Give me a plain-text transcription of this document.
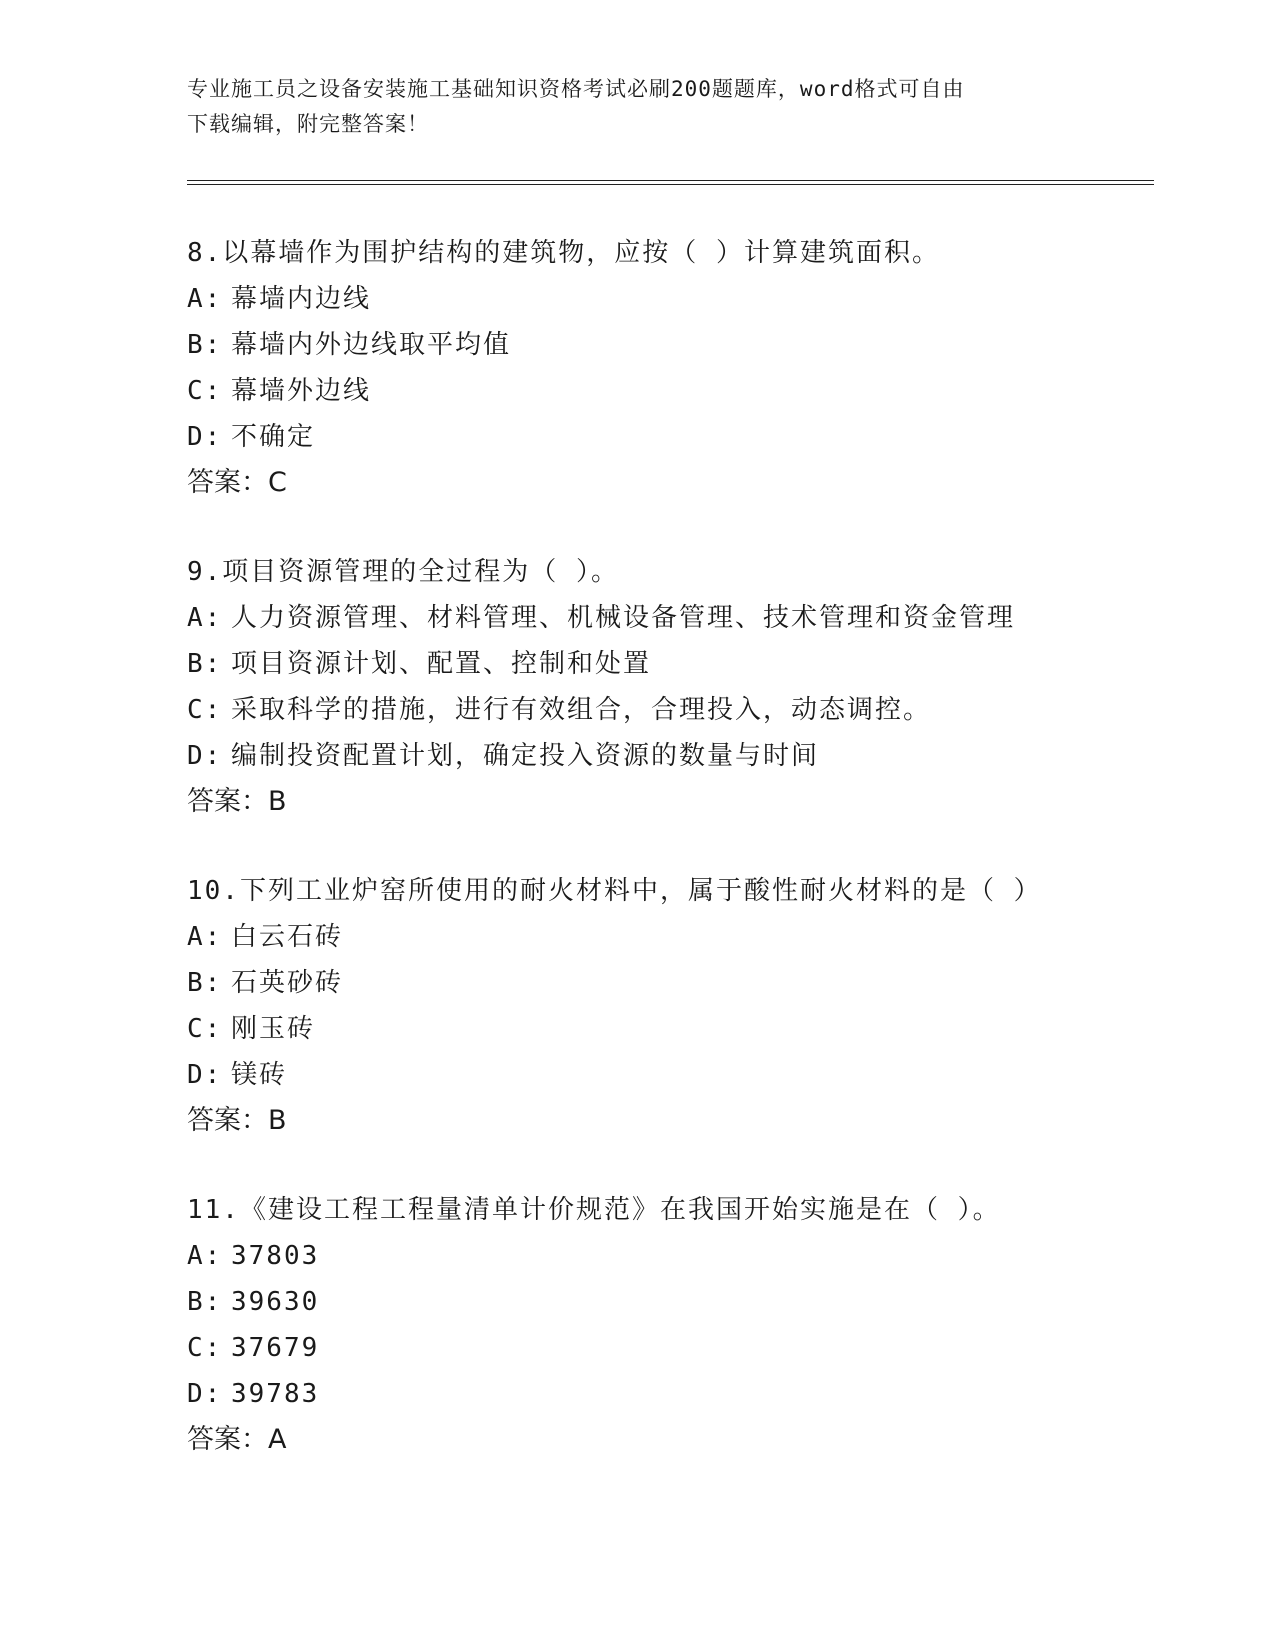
专业施工员之设备安装施工基础知识资格考试必刷200题题库，word格式可自由
下载编辑，附完整答案！
8.以幕墙作为围护结构的建筑物，应按（ ）计算建筑面积。
A: 幕墙内边线
B: 幕墙内外边线取平均值
C: 幕墙外边线
D: 不确定
答案：C
9.项目资源管理的全过程为（ ）。
A: 人力资源管理、材料管理、机械设备管理、技术管理和资金管理
B: 项目资源计划、配置、控制和处置
C: 采取科学的措施，进行有效组合，合理投入，动态调控。
D: 编制投资配置计划，确定投入资源的数量与时间
答案：B
10.下列工业炉窑所使用的耐火材料中，属于酸性耐火材料的是（ ）
A: 白云石砖
B: 石英砂砖
C: 刚玉砖
D: 镁砖
答案：B
11.《建设工程工程量清单计价规范》在我国开始实施是在（ ）。
A: 37803
B: 39630
C: 37679
D: 39783
答案：A
